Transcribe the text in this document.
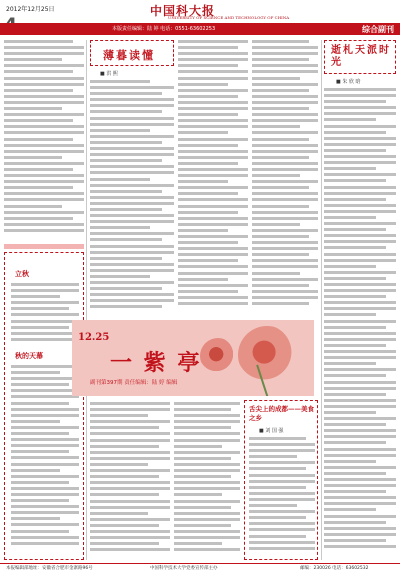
2012年12月25日	中国科大报
UNIVERSITY OF SCIENCE AND TECHNOLOGY OF CHINA
本版责任编辑：陆 婷 电话：0551-63602253	综合副刊
立秋
秋的天幕
薄暮读懂
■ 洪 熙
逝札天派时光
■ 朱 欣 晗
12.25
一 紫 亭
副刊第397期 责任编辑：陆 婷 编辑
舌尖上的成都——美食之乡
■ 刘 国 强
本报编辑部地址：安徽省合肥市金寨路96号	中国科学技术大学党委宣传部主办	邮编：230026 电话：63602532
